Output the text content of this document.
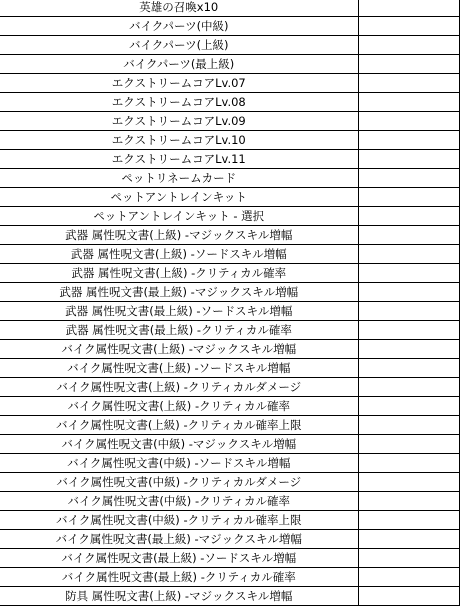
英雄の召喚x10	
バイクパーツ(中級)	
バイクパーツ(上級)	
バイクパーツ(最上級)	
エクストリームコアLv.07	
エクストリームコアLv.08	
エクストリームコアLv.09	
エクストリームコアLv.10	
エクストリームコアLv.11	
ペットリネームカード	
ペットアントレインキット	
ペットアントレインキット - 選択	
武器 属性呪文書(上級) -マジックスキル増幅	
武器 属性呪文書(上級) -ソードスキル増幅	
武器 属性呪文書(上級) -クリティカル確率	
武器 属性呪文書(最上級) -マジックスキル増幅	
武器 属性呪文書(最上級) -ソードスキル増幅	
武器 属性呪文書(最上級) -クリティカル確率	
バイク属性呪文書(上級) -マジックスキル増幅	
バイク属性呪文書(上級) -ソードスキル増幅	
バイク属性呪文書(上級) -クリティカルダメージ	
バイク属性呪文書(上級) -クリティカル確率	
バイク属性呪文書(上級) -クリティカル確率上限	
バイク属性呪文書(中級) -マジックスキル増幅	
バイク属性呪文書(中級) -ソードスキル増幅	
バイク属性呪文書(中級) -クリティカルダメージ	
バイク属性呪文書(中級) -クリティカル確率	
バイク属性呪文書(中級) -クリティカル確率上限	
バイク属性呪文書(最上級) -マジックスキル増幅	
バイク属性呪文書(最上級) -ソードスキル増幅	
バイク属性呪文書(最上級) -クリティカル確率	
防具 属性呪文書(上級) -マジックスキル増幅	
